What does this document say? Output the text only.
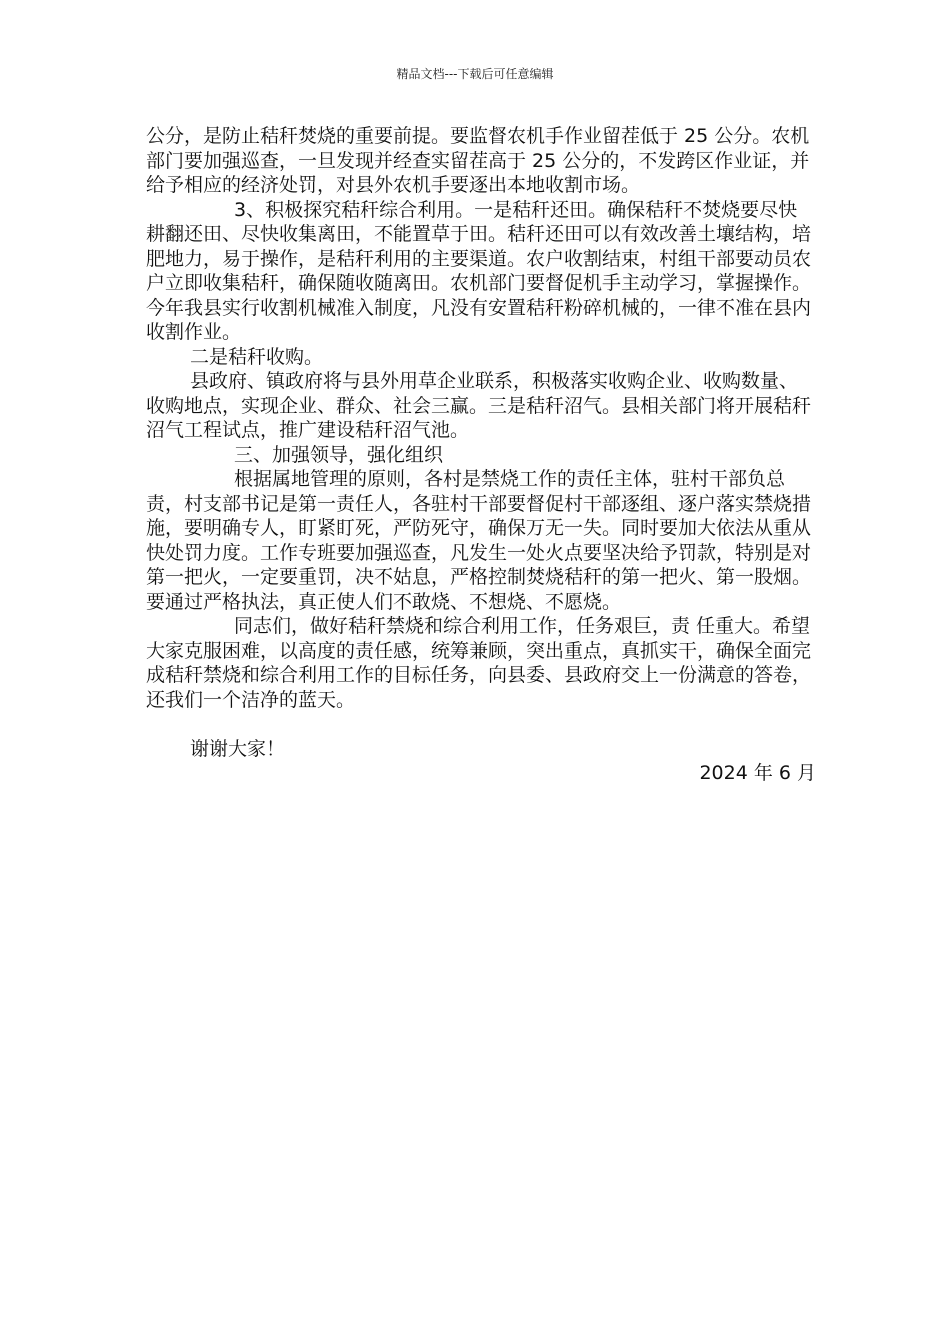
精品文档---下载后可任意编辑

公分，是防止秸秆焚烧的重要前提。要监督农机手作业留茬低于 25 公分。农机部门要加强巡查，一旦发现并经查实留茬高于 25 公分的，不发跨区作业证，并给予相应的经济处罚，对县外农机手要逐出本地收割市场。

3、积极探究秸秆综合利用。一是秸秆还田。确保秸秆不焚烧要尽快耕翻还田、尽快收集离田，不能置草于田。秸秆还田可以有效改善土壤结构，培肥地力，易于操作，是秸秆利用的主要渠道。农户收割结束，村组干部要动员农户立即收集秸秆，确保随收随离田。农机部门要督促机手主动学习，掌握操作。今年我县实行收割机械准入制度，凡没有安置秸秆粉碎机械的，一律不准在县内收割作业。

二是秸秆收购。

县政府、镇政府将与县外用草企业联系，积极落实收购企业、收购数量、收购地点，实现企业、群众、社会三赢。三是秸秆沼气。县相关部门将开展秸秆沼气工程试点，推广建设秸秆沼气池。

三、加强领导，强化组织

根据属地管理的原则，各村是禁烧工作的责任主体，驻村干部负总责，村支部书记是第一责任人，各驻村干部要督促村干部逐组、逐户落实禁烧措施，要明确专人，盯紧盯死，严防死守，确保万无一失。同时要加大依法从重从快处罚力度。工作专班要加强巡查，凡发生一处火点要坚决给予罚款，特别是对第一把火，一定要重罚，决不姑息，严格控制焚烧秸秆的第一把火、第一股烟。要通过严格执法，真正使人们不敢烧、不想烧、不愿烧。

同志们，做好秸秆禁烧和综合利用工作，任务艰巨，责 任重大。希望大家克服困难，以高度的责任感，统筹兼顾，突出重点，真抓实干，确保全面完成秸秆禁烧和综合利用工作的目标任务，向县委、县政府交上一份满意的答卷，还我们一个洁净的蓝天。

谢谢大家！

2024 年 6 月
